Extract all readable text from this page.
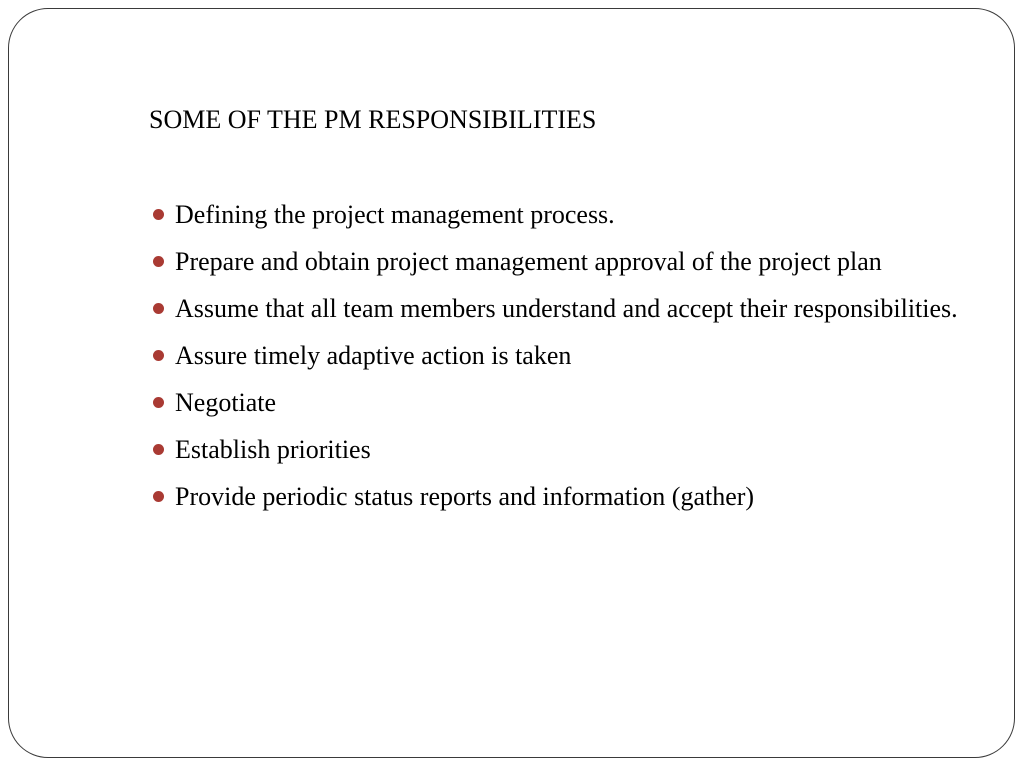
SOME OF THE PM RESPONSIBILITIES
Defining the project management process.
Prepare and obtain project management approval of the project plan
Assume that all team members understand and accept their responsibilities.
Assure timely adaptive action is taken
Negotiate
Establish priorities
Provide periodic status reports and information (gather)
